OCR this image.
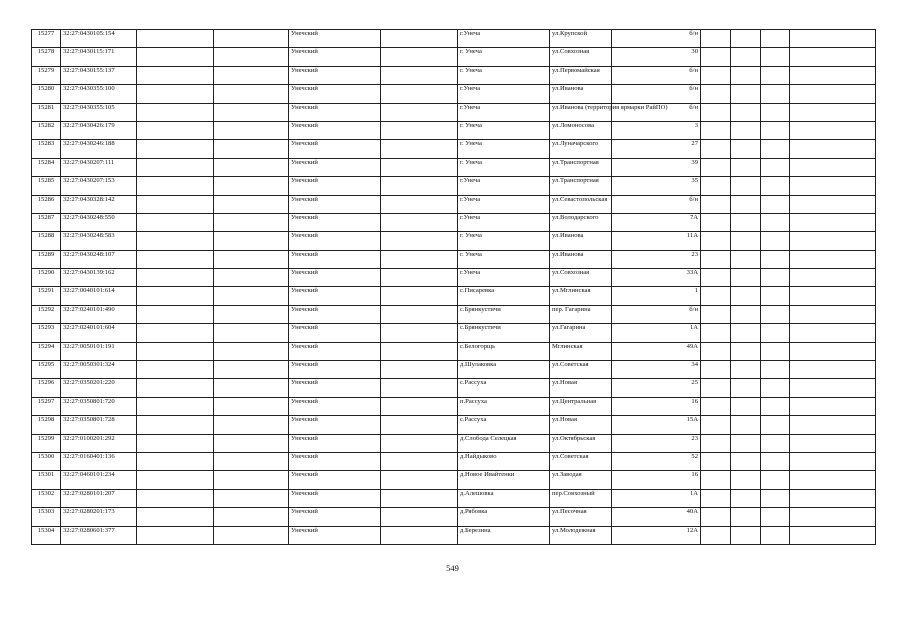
15277	32:27:0430105:154			Унечский		г.Унеча	ул.Крупской	б/н				
15278	32:27:0430115:171			Унечский		г. Унеча	ул.Совхозная	30				
15279	32:27:0430155:137			Унечский		г. Унеча	ул.Первомайская	б/н				
15280	32:27:0430355:100			Унечский		г.Унеча	ул.Иванова	б/н				
15281	32:27:0430355:105			Унечский		г.Унеча	ул.Иванова (территория ярмарки РайПО)	б/н				
15282	32:27:0430426:179			Унечский		г. Унеча	ул.Ломоносова	3				
15283	32:27:0430246:188			Унечский		г. Унеча	ул.Луначарского	27				
15284	32:27:0430207:111			Унечский		г. Унеча	ул.Транспортная	39				
15285	32:27:0430207:153			Унечский		г.Унеча	ул.Транспортная	35				
15286	32:27:0430328:142			Унечский		г.Унеча	ул.Севастопольская	б/н				
15287	32:27:0430248:550			Унечский		г.Унеча	ул.Володарского	7А				
15288	32:27:0430248:583			Унечский		г. Унеча	ул.Иванова	11А				
15289	32:27:0430248:107			Унечский		г. Унеча	ул.Иванова	23				
15290	32:27:0430139:162			Унечский		г.Унеча	ул.Совхозная	33А				
15291	32:27:0040101:614			Унечский		с.Писаревка	ул.Мглинская	1				
15292	32:27:0240101:490			Унечский		с.Брянкустичи	пер. Гагарина	б/н				
15293	32:27:0240101:604			Унечский		с.Брянкустичи	ул.Гагарина	1А				
15294	32:27:0050101:191			Унечский		с.Белогорщь	Мглинская	49А				
15295	32:27:0050301:324			Унечский		д.Шулаковка	ул.Советская	34				
15296	32:27:0350201:220			Унечский		с.Рассуха	ул.Новая	25				
15297	32:27:0350801:720			Унечский		п.Рассуха	ул.Центральная	16				
15298	32:27:0350801:728			Унечский		с.Рассуха	ул.Новая	15А				
15299	32:27:0100201:292			Унечский		д.Слобода Селецкая	ул.Октябрьская	23				
15300	32:27:0160401:136			Унечский		д.Найдыково	ул.Советская	52				
15301	32:27:0460101:234			Унечский		д.Новое Ивайтенки	ул.Заводая	16				
15302	32:27:0280101:207			Унечский		д.Алешовка	пер.Совхозный	1А				
15303	32:27:0280201:173			Унечский		д.Рябовка	ул.Песочная	40А				
15304	32:27:0280601:377			Унечский		д.Березина	ул.Молодежная	12А				
549
